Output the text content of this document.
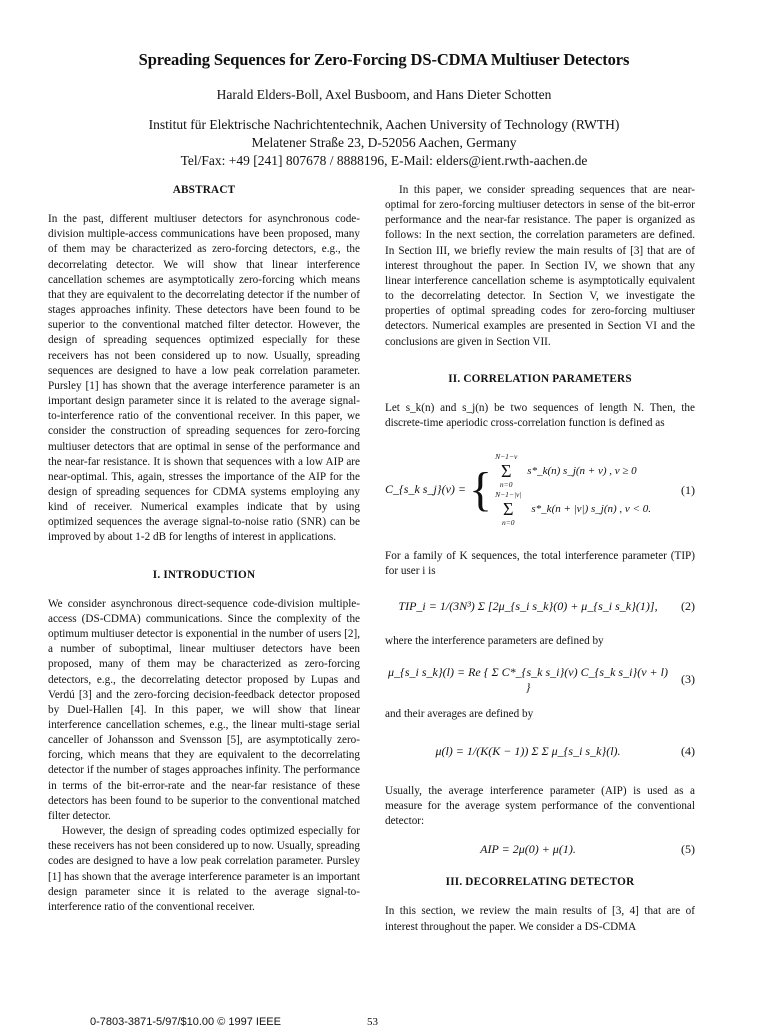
Spreading Sequences for Zero-Forcing DS-CDMA Multiuser Detectors
Harald Elders-Boll, Axel Busboom, and Hans Dieter Schotten
Institut für Elektrische Nachrichtentechnik, Aachen University of Technology (RWTH)
Melatener Straße 23, D-52056 Aachen, Germany
Tel/Fax: +49 [241] 807678 / 8888196, E-Mail: elders@ient.rwth-aachen.de
ABSTRACT

In the past, different multiuser detectors for asynchronous code-division multiple-access communications have been proposed, many of them may be characterized as zero-forcing detectors, e.g., the decorrelating detector. We will show that linear interference cancellation schemes are asymptotically zero-forcing which means that they are equivalent to the decorrelating detector if the number of stages approaches infinity. These detectors have been found to be superior to the conventional matched filter detector. However, the design of spreading sequences optimized especially for these receivers has not been considered up to now. Usually, spreading sequences are designed to have a low peak correlation parameter. Pursley [1] has shown that the average interference parameter is an important design parameter since it is related to the average signal-to-interference ratio of the conventional receiver. In this paper, we consider the construction of spreading sequences for zero-forcing multiuser detectors that are optimal in sense of the performance and the near-far resistance. It is shown that sequences with a low AIP are near-optimal. This, again, stresses the importance of the AIP for the design of spreading sequences for CDMA systems employing any kind of receiver. Numerical examples indicate that by using optimized sequences the average signal-to-noise ratio (SNR) can be improved by about 1-2 dB for lengths of interest in applications.

I. INTRODUCTION

We consider asynchronous direct-sequence code-division multiple-access (DS-CDMA) communications. Since the complexity of the optimum multiuser detector is exponential in the number of users [2], a number of suboptimal, linear multiuser detectors have been proposed, many of them may be characterized as zero-forcing detectors, e.g., the decorrelating detector proposed by Lupas and Verdú [3] and the zero-forcing decision-feedback detector proposed by Duel-Hallen [4]. In this paper, we will show that linear interference cancellation schemes, e.g., the linear multi-stage serial canceller of Johansson and Svensson [5], are asymptotically zero-forcing, which means that they are equivalent to the decorrelating detector if the number of stages approaches infinity. The performance in terms of the bit-error-rate and the near-far resistance of these detectors has been found to be superior to the conventional matched filter detector.

However, the design of spreading codes optimized especially for these receivers has not been considered up to now. Usually, spreading codes are designed to have a low peak correlation parameter. Pursley [1] has shown that the average interference parameter is an important design parameter since it is related to the average signal-to-interference ratio of the conventional receiver.

In this paper, we consider spreading sequences that are near-optimal for zero-forcing multiuser detectors in sense of the bit-error performance and the near-far resistance. The paper is organized as follows: In the next section, the correlation parameters are defined. In Section III, we briefly review the main results of [3] that are of interest throughout the paper. In Section IV, we shown that any linear interference cancellation scheme is asymptotically equivalent to the decorrelating detector. In Section V, we investigate the properties of optimal spreading codes for zero-forcing multiuser detectors. Numerical examples are presented in Section VI and the conclusions are given in Section VII.

II. CORRELATION PARAMETERS

Let s_k(n) and s_j(n) be two sequences of length N. Then, the discrete-time aperiodic cross-correlation function is defined as

C_{s_k s_j}(ν) = {
N−1−ν
Σ
n=0
s*_k(n) s_j(n + ν) , ν ≥ 0
N−1−|ν|
Σ
n=0
s*_k(n + |ν|) s_j(n) , ν < 0.
(1)

For a family of K sequences, the total interference parameter (TIP) for user i is

TIP_i = 1/(3N³) Σ [2μ_{s_i s_k}(0) + μ_{s_i s_k}(1)],	(2)

where the interference parameters are defined by

μ_{s_i s_k}(l) = Re { Σ C*_{s_k s_i}(ν) C_{s_k s_i}(ν + l) }
(3)

and their averages are defined by

μ(l) = 1/(K(K − 1)) Σ Σ μ_{s_i s_k}(l).	(4)

Usually, the average interference parameter (AIP) is used as a measure for the average system performance of the conventional detector:

AIP = 2μ(0) + μ(1).	(5)
III. DECORRELATING DETECTOR

In this section, we review the main results of [3, 4] that are of interest throughout the paper. We consider a DS-CDMA

0-7803-3871-5/97/$10.00 © 1997 IEEE	53
